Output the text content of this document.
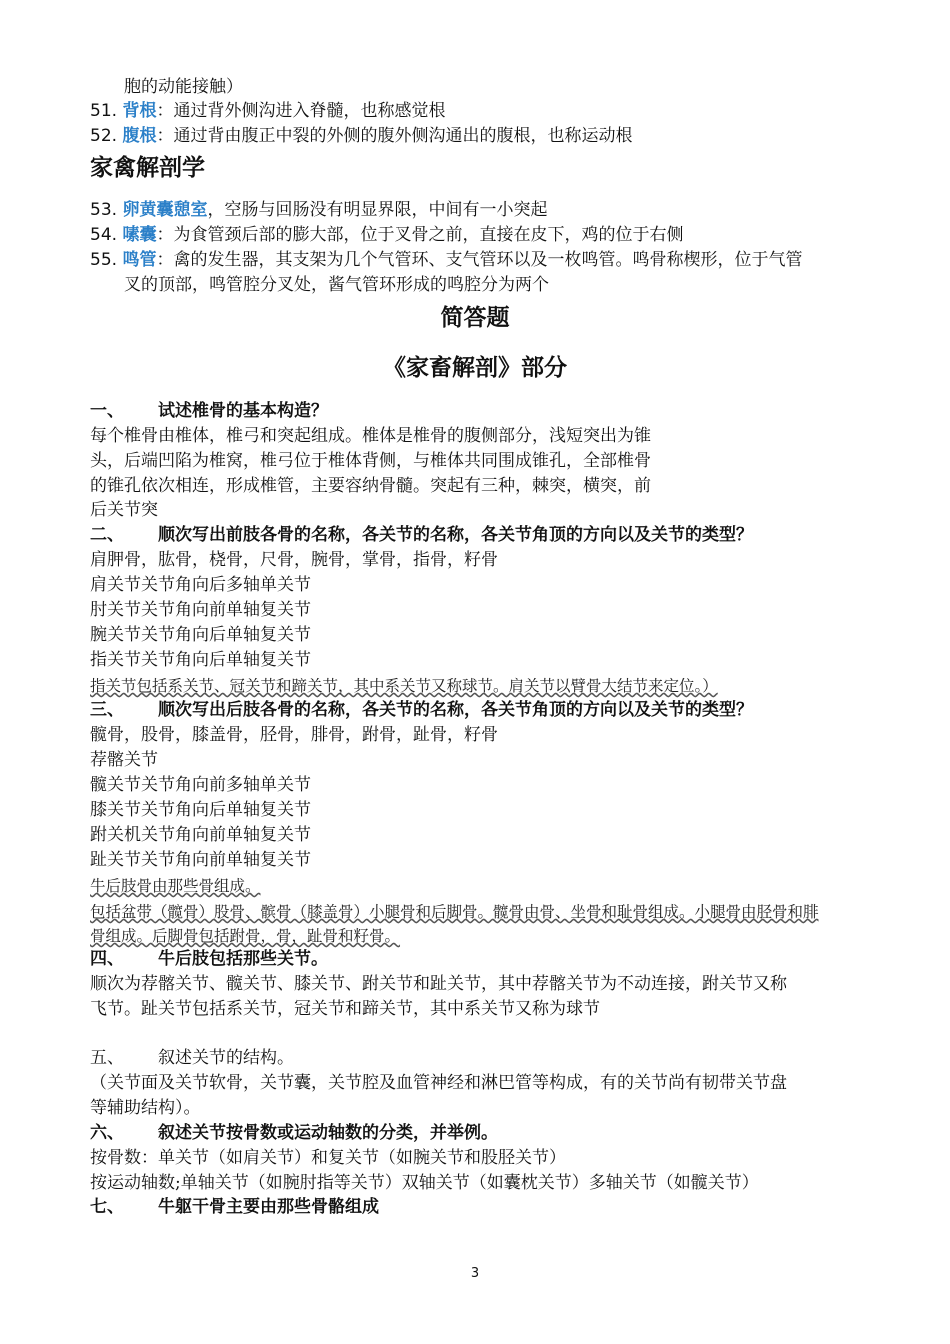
胞的动能接触）
51. 背根：通过背外侧沟进入脊髓，也称感觉根
52. 腹根：通过背由腹正中裂的外侧的腹外侧沟通出的腹根，也称运动根
家禽解剖学
53. 卵黄囊憩室，空肠与回肠没有明显界限，中间有一小突起
54. 嗉囊：为食管颈后部的膨大部，位于叉骨之前，直接在皮下，鸡的位于右侧
55. 鸣管：禽的发生器，其支架为几个气管环、支气管环以及一枚鸣管。鸣骨称楔形，位于气管
叉的顶部，鸣管腔分叉处，酱气管环形成的鸣腔分为两个
简答题
《家畜解剖》部分
一、 试述椎骨的基本构造？
每个椎骨由椎体，椎弓和突起组成。椎体是椎骨的腹侧部分，浅短突出为锥
头，后端凹陷为椎窝，椎弓位于椎体背侧，与椎体共同围成锥孔，全部椎骨
的锥孔依次相连，形成椎管，主要容纳骨髓。突起有三种，棘突，横突，前
后关节突
二、 顺次写出前肢各骨的名称，各关节的名称，各关节角顶的方向以及关节的类型？
肩胛骨，肱骨，桡骨，尺骨，腕骨，掌骨，指骨，籽骨
肩关节关节角向后多轴单关节
肘关节关节角向前单轴复关节
腕关节关节角向后单轴复关节
指关节关节角向后单轴复关节
指关节包括系关节、冠关节和蹄关节，其中系关节又称球节。肩关节以臂骨大结节来定位。）
三、 顺次写出后肢各骨的名称，各关节的名称，各关节角顶的方向以及关节的类型？
髋骨，股骨，膝盖骨，胫骨，腓骨，跗骨，趾骨，籽骨
荐髂关节
髋关节关节角向前多轴单关节
膝关节关节角向后单轴复关节
跗关机关节角向前单轴复关节
趾关节关节角向前单轴复关节
牛后肢骨由那些骨组成。
包括盆带（髋骨）股骨、髌骨（膝盖骨）小腿骨和后脚骨。髋骨由骨、坐骨和耻骨组成。小腿骨由胫骨和腓
骨组成。后脚骨包括跗骨，骨，趾骨和籽骨。
四、 牛后肢包括那些关节。
顺次为荐髂关节、髋关节、膝关节、跗关节和趾关节，其中荐髂关节为不动连接，跗关节又称
飞节。趾关节包括系关节，冠关节和蹄关节，其中系关节又称为球节
五、 叙述关节的结构。
（关节面及关节软骨，关节囊，关节腔及血管神经和淋巴管等构成，有的关节尚有韧带关节盘
等辅助结构）。
六、 叙述关节按骨数或运动轴数的分类，并举例。
按骨数：单关节（如肩关节）和复关节（如腕关节和股胫关节）
按运动轴数;单轴关节（如腕肘指等关节）双轴关节（如囊枕关节）多轴关节（如髋关节）
七、 牛躯干骨主要由那些骨骼组成
3
